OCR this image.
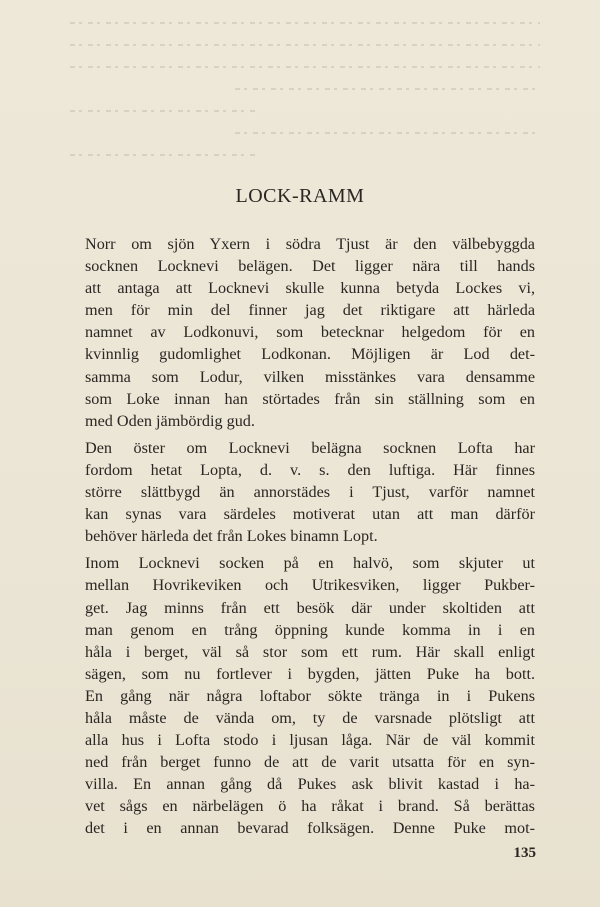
LOCK-RAMM
Norr om sjön Yxern i södra Tjust är den välbebyggda
socknen Locknevi belägen. Det ligger nära till hands
att antaga att Locknevi skulle kunna betyda Lockes vi,
men för min del finner jag det riktigare att härleda
namnet av Lodkonuvi, som betecknar helgedom för en
kvinnlig gudomlighet Lodkonan. Möjligen är Lod det-
samma som Lodur, vilken misstänkes vara densamme
som Loke innan han störtades från sin ställning som en
med Oden jämbördig gud.
Den öster om Locknevi belägna socknen Lofta har
fordom hetat Lopta, d. v. s. den luftiga. Här finnes
större slättbygd än annorstädes i Tjust, varför namnet
kan synas vara särdeles motiverat utan att man därför
behöver härleda det från Lokes binamn Lopt.
Inom Locknevi socken på en halvö, som skjuter ut
mellan Hovrikeviken och Utrikesviken, ligger Pukber-
get. Jag minns från ett besök där under skoltiden att
man genom en trång öppning kunde komma in i en
håla i berget, väl så stor som ett rum. Här skall enligt
sägen, som nu fortlever i bygden, jätten Puke ha bott.
En gång när några loftabor sökte tränga in i Pukens
håla måste de vända om, ty de varsnade plötsligt att
alla hus i Lofta stodo i ljusan låga. När de väl kommit
ned från berget funno de att de varit utsatta för en syn-
villa. En annan gång då Pukes ask blivit kastad i ha-
vet sågs en närbelägen ö ha råkat i brand. Så berättas
det i en annan bevarad folksägen. Denne Puke mot-
135
